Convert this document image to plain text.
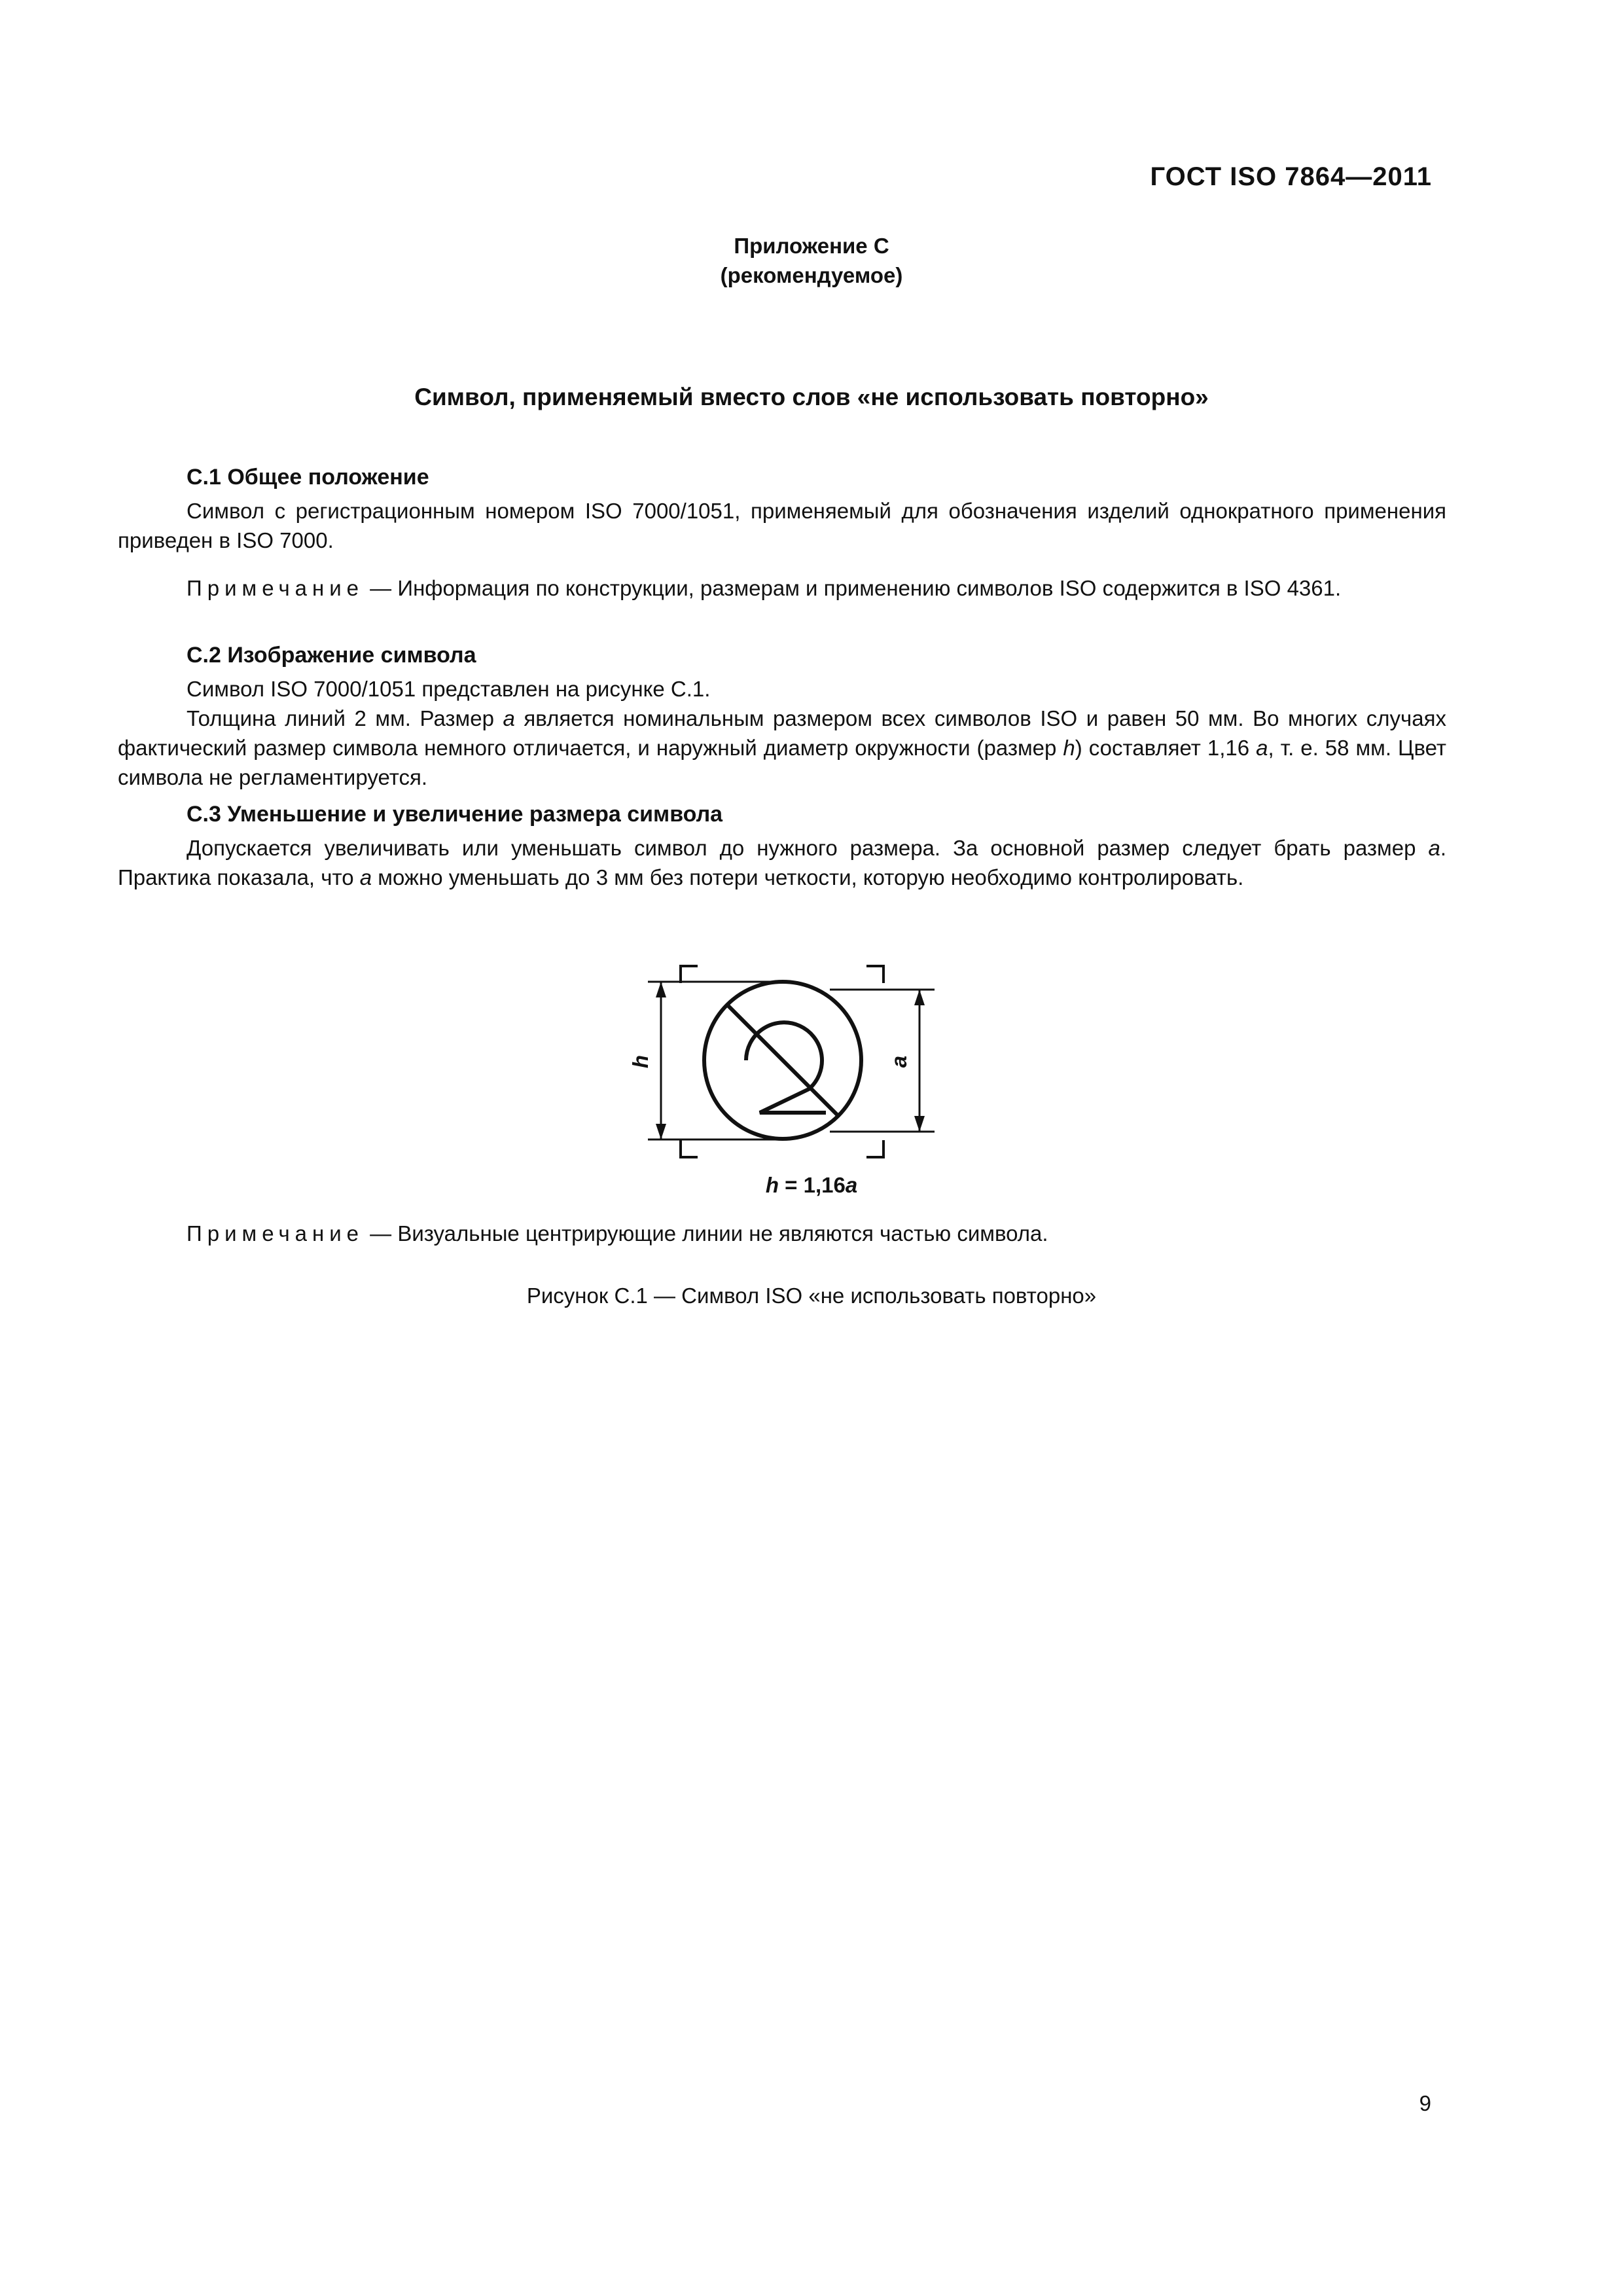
ГОСТ ISO 7864—2011
Приложение C
(рекомендуемое)
Символ, применяемый вместо слов «не использовать повторно»
C.1 Общее положение
Символ с регистрационным номером ISO 7000/1051, применяемый для обозначения изделий однократного применения приведен в ISO 7000.
Примечание — Информация по конструкции, размерам и применению символов ISO содержится в ISO 4361.
C.2 Изображение символа
Символ ISO 7000/1051 представлен на рисунке C.1.
Толщина линий 2 мм. Размер a является номинальным размером всех символов ISO и равен 50 мм. Во многих случаях фактический размер символа немного отличается, и наружный диаметр окружности (размер h) составляет 1,16 a, т. е. 58 мм. Цвет символа не регламентируется.
C.3 Уменьшение и увеличение размера символа
Допускается увеличивать или уменьшать символ до нужного размера. За основной размер следует брать размер a. Практика показала, что a можно уменьшать до 3 мм без потери четкости, которую необходимо контролировать.
h	a
h = 1,16a
Примечание — Визуальные центрирующие линии не являются частью символа.
Рисунок C.1 — Символ ISO «не использовать повторно»
9
